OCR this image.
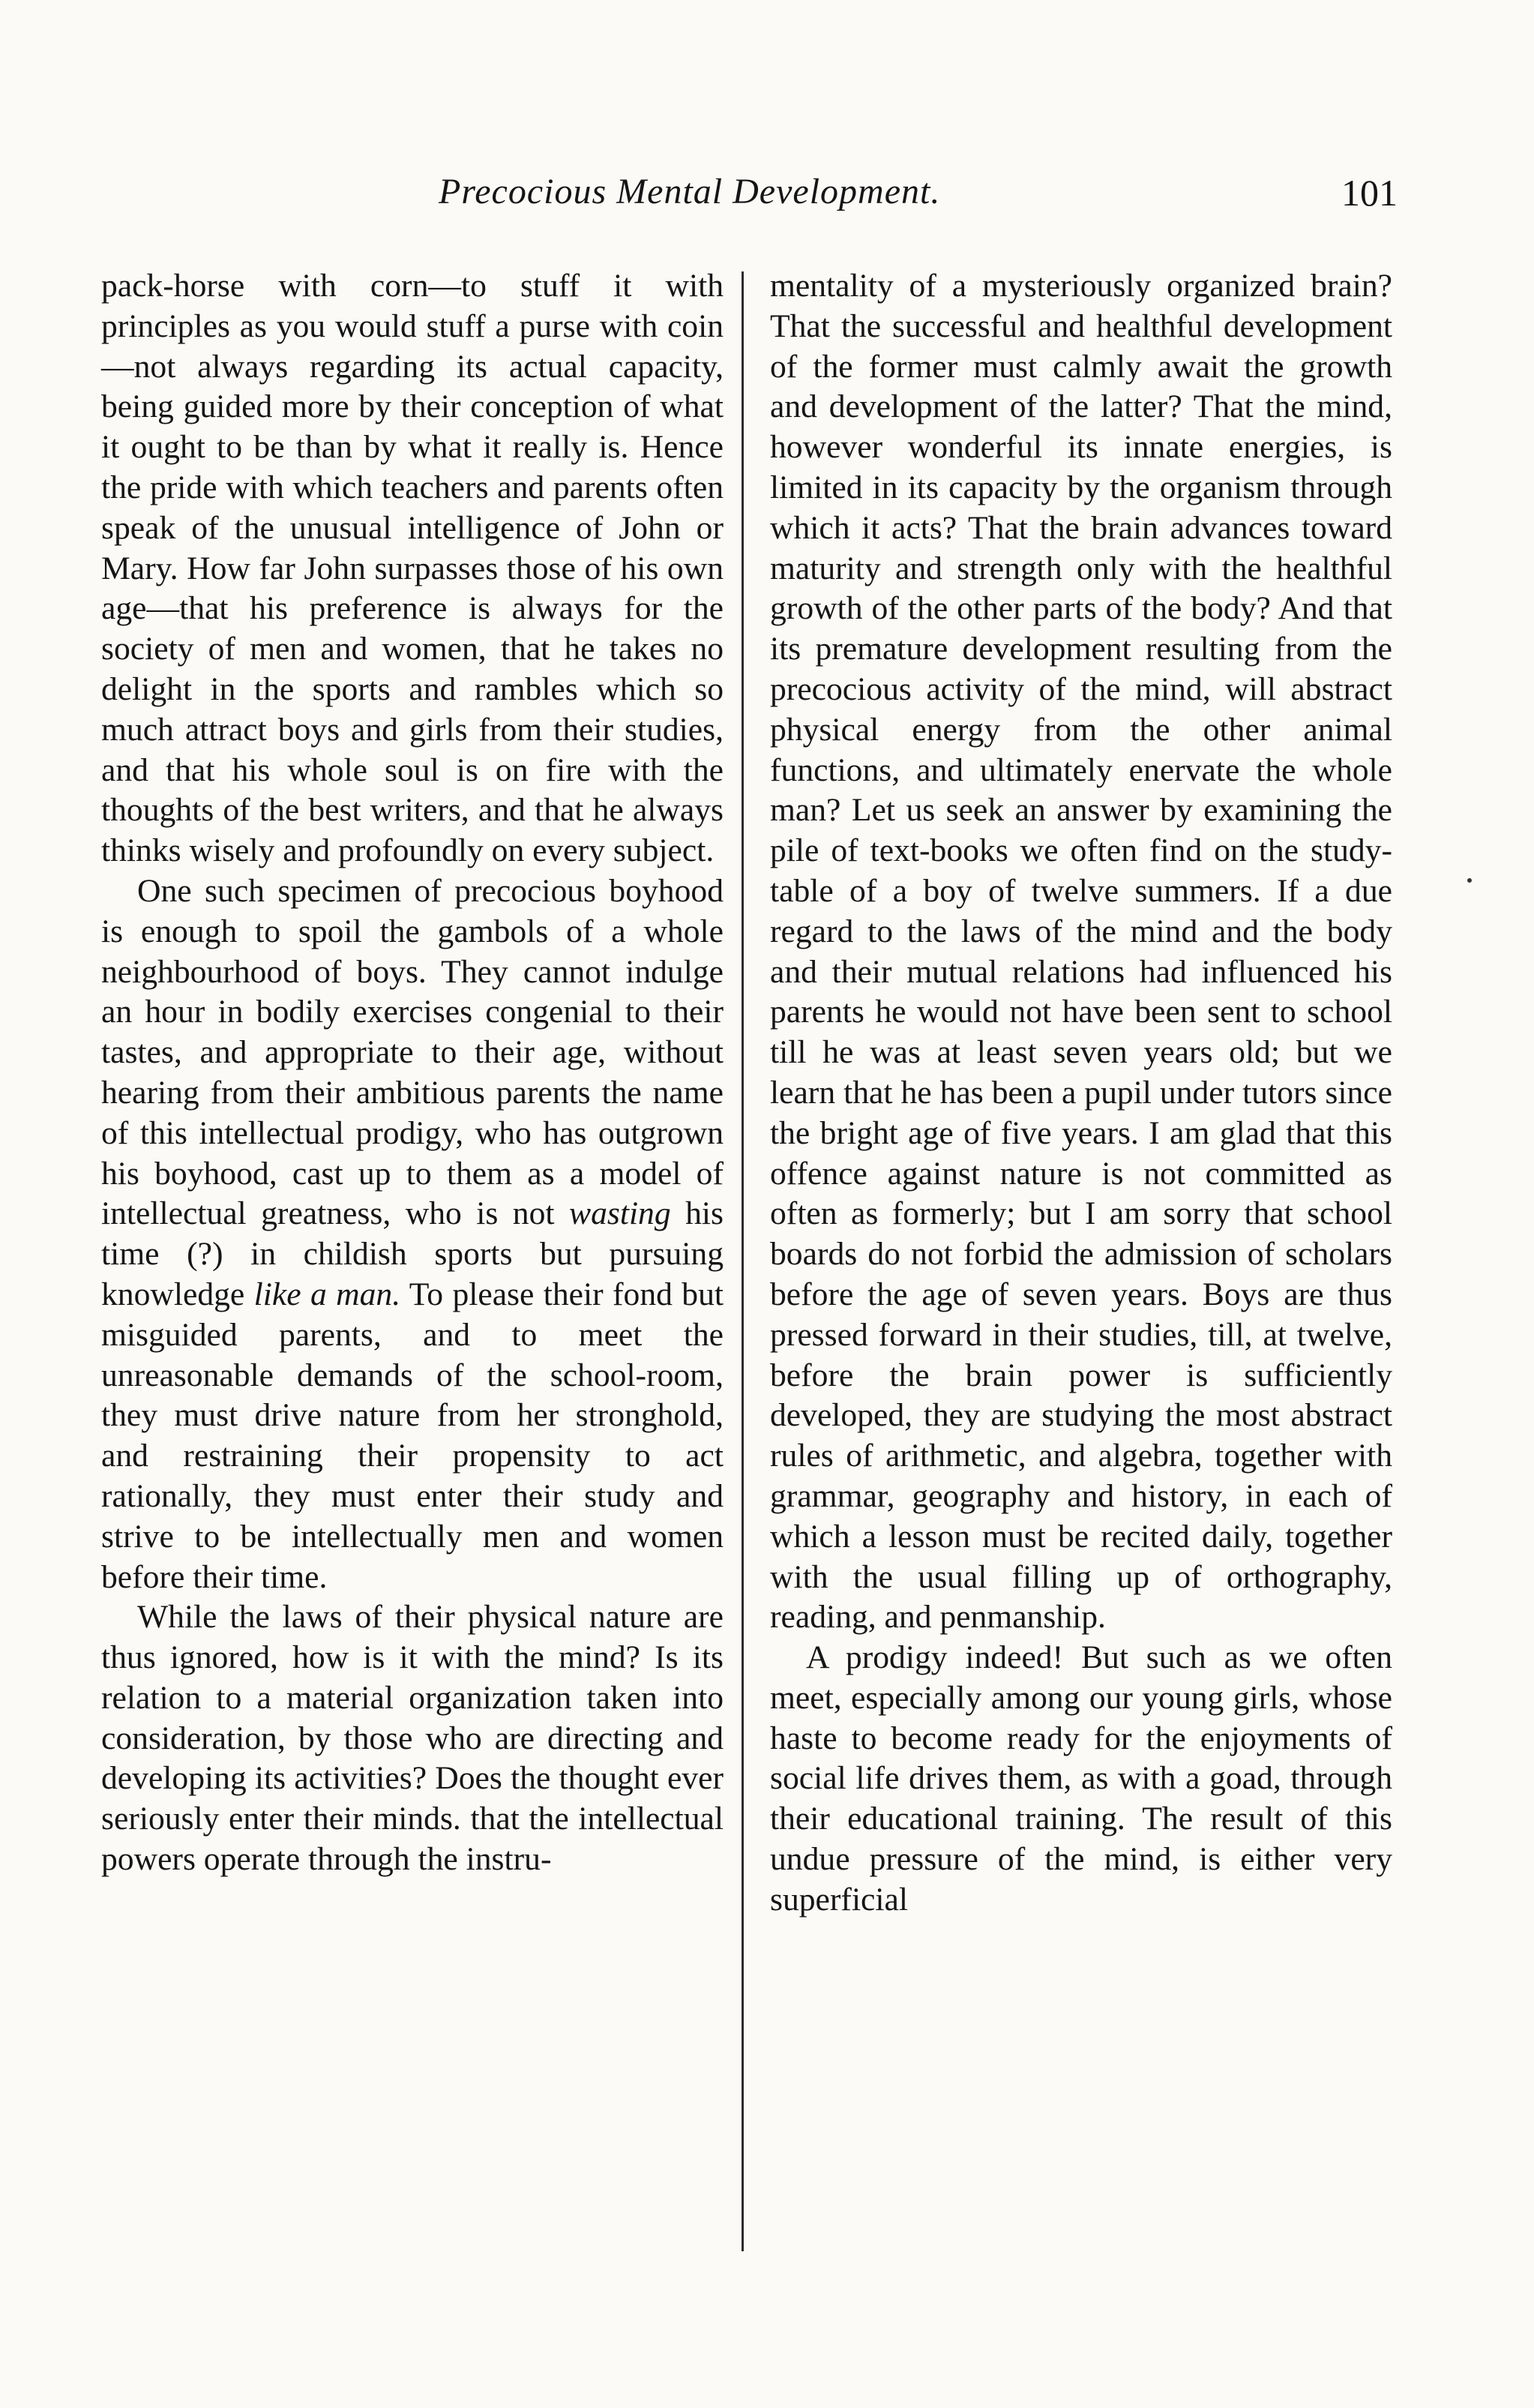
Precocious Mental Development.	101

pack-horse with corn—to stuff it with principles as you would stuff a purse with coin—not always regarding its actual capacity, being guided more by their conception of what it ought to be than by what it really is. Hence the pride with which teachers and parents often speak of the unusual intelligence of John or Mary. How far John surpasses those of his own age—that his preference is always for the society of men and women, that he takes no delight in the sports and rambles which so much attract boys and girls from their studies, and that his whole soul is on fire with the thoughts of the best writers, and that he always thinks wisely and profoundly on every subject.

One such specimen of precocious boyhood is enough to spoil the gambols of a whole neighbourhood of boys. They cannot indulge an hour in bodily exercises congenial to their tastes, and appropriate to their age, without hearing from their ambitious parents the name of this intellectual prodigy, who has outgrown his boyhood, cast up to them as a model of intellectual greatness, who is not wasting his time (?) in childish sports but pursuing knowledge like a man. To please their fond but misguided parents, and to meet the unreasonable demands of the school-room, they must drive nature from her stronghold, and restraining their propensity to act rationally, they must enter their study and strive to be intellectually men and women before their time.

While the laws of their physical nature are thus ignored, how is it with the mind? Is its relation to a material organization taken into consideration, by those who are directing and developing its activities? Does the thought ever seriously enter their minds. that the intellectual powers operate through the instru-

mentality of a mysteriously organized brain? That the successful and healthful development of the former must calmly await the growth and development of the latter? That the mind, however wonderful its innate energies, is limited in its capacity by the organism through which it acts? That the brain advances toward maturity and strength only with the healthful growth of the other parts of the body? And that its premature development resulting from the precocious activity of the mind, will abstract physical energy from the other animal functions, and ultimately enervate the whole man? Let us seek an answer by examining the pile of text-books we often find on the study-table of a boy of twelve summers. If a due regard to the laws of the mind and the body and their mutual relations had influenced his parents he would not have been sent to school till he was at least seven years old; but we learn that he has been a pupil under tutors since the bright age of five years. I am glad that this offence against nature is not committed as often as formerly; but I am sorry that school boards do not forbid the admission of scholars before the age of seven years. Boys are thus pressed forward in their studies, till, at twelve, before the brain power is sufficiently developed, they are studying the most abstract rules of arithmetic, and algebra, together with grammar, geography and history, in each of which a lesson must be recited daily, together with the usual filling up of orthography, reading, and penmanship.

A prodigy indeed! But such as we often meet, especially among our young girls, whose haste to become ready for the enjoyments of social life drives them, as with a goad, through their educational training. The result of this undue pressure of the mind, is either very superficial
